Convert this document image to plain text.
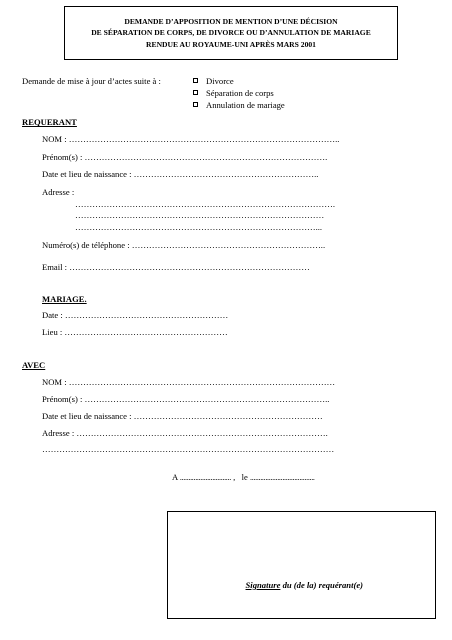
DEMANDE D’APPOSITION DE MENTION D’UNE DÉCISION
DE SÉPARATION DE CORPS, DE DIVORCE OU D’ANNULATION DE MARIAGE
RENDUE AU ROYAUME-UNI APRÈS MARS 2001
Demande de mise à jour d’actes suite à :	Divorce
Séparation de corps
Annulation de mariage
REQUERANT
NOM : …………………………………………………………………………………..
Prénom(s) : ………………………………………………………………………….
Date et lieu de naissance : ………………………………………………………..
Adresse :
……………………………………………………………………………….
……………………………………………………………………………
…………………………………………………………………………...
Numéro(s) de téléphone : …………………………………………………………..
Email : …………………………………………………………………………
MARIAGE.
Date : …………………………………………………
Lieu : …………………………………………………
AVEC
NOM : …………………………………………………………………………………
Prénom(s) : …………………………………………………………………………..
Date et lieu de naissance : …………………………………………………………
Adresse : …………………………………………………………………………….
…………………………………………………………………………………………
A .............................. , le ......................................
Signature du (de la) requérant(e)
